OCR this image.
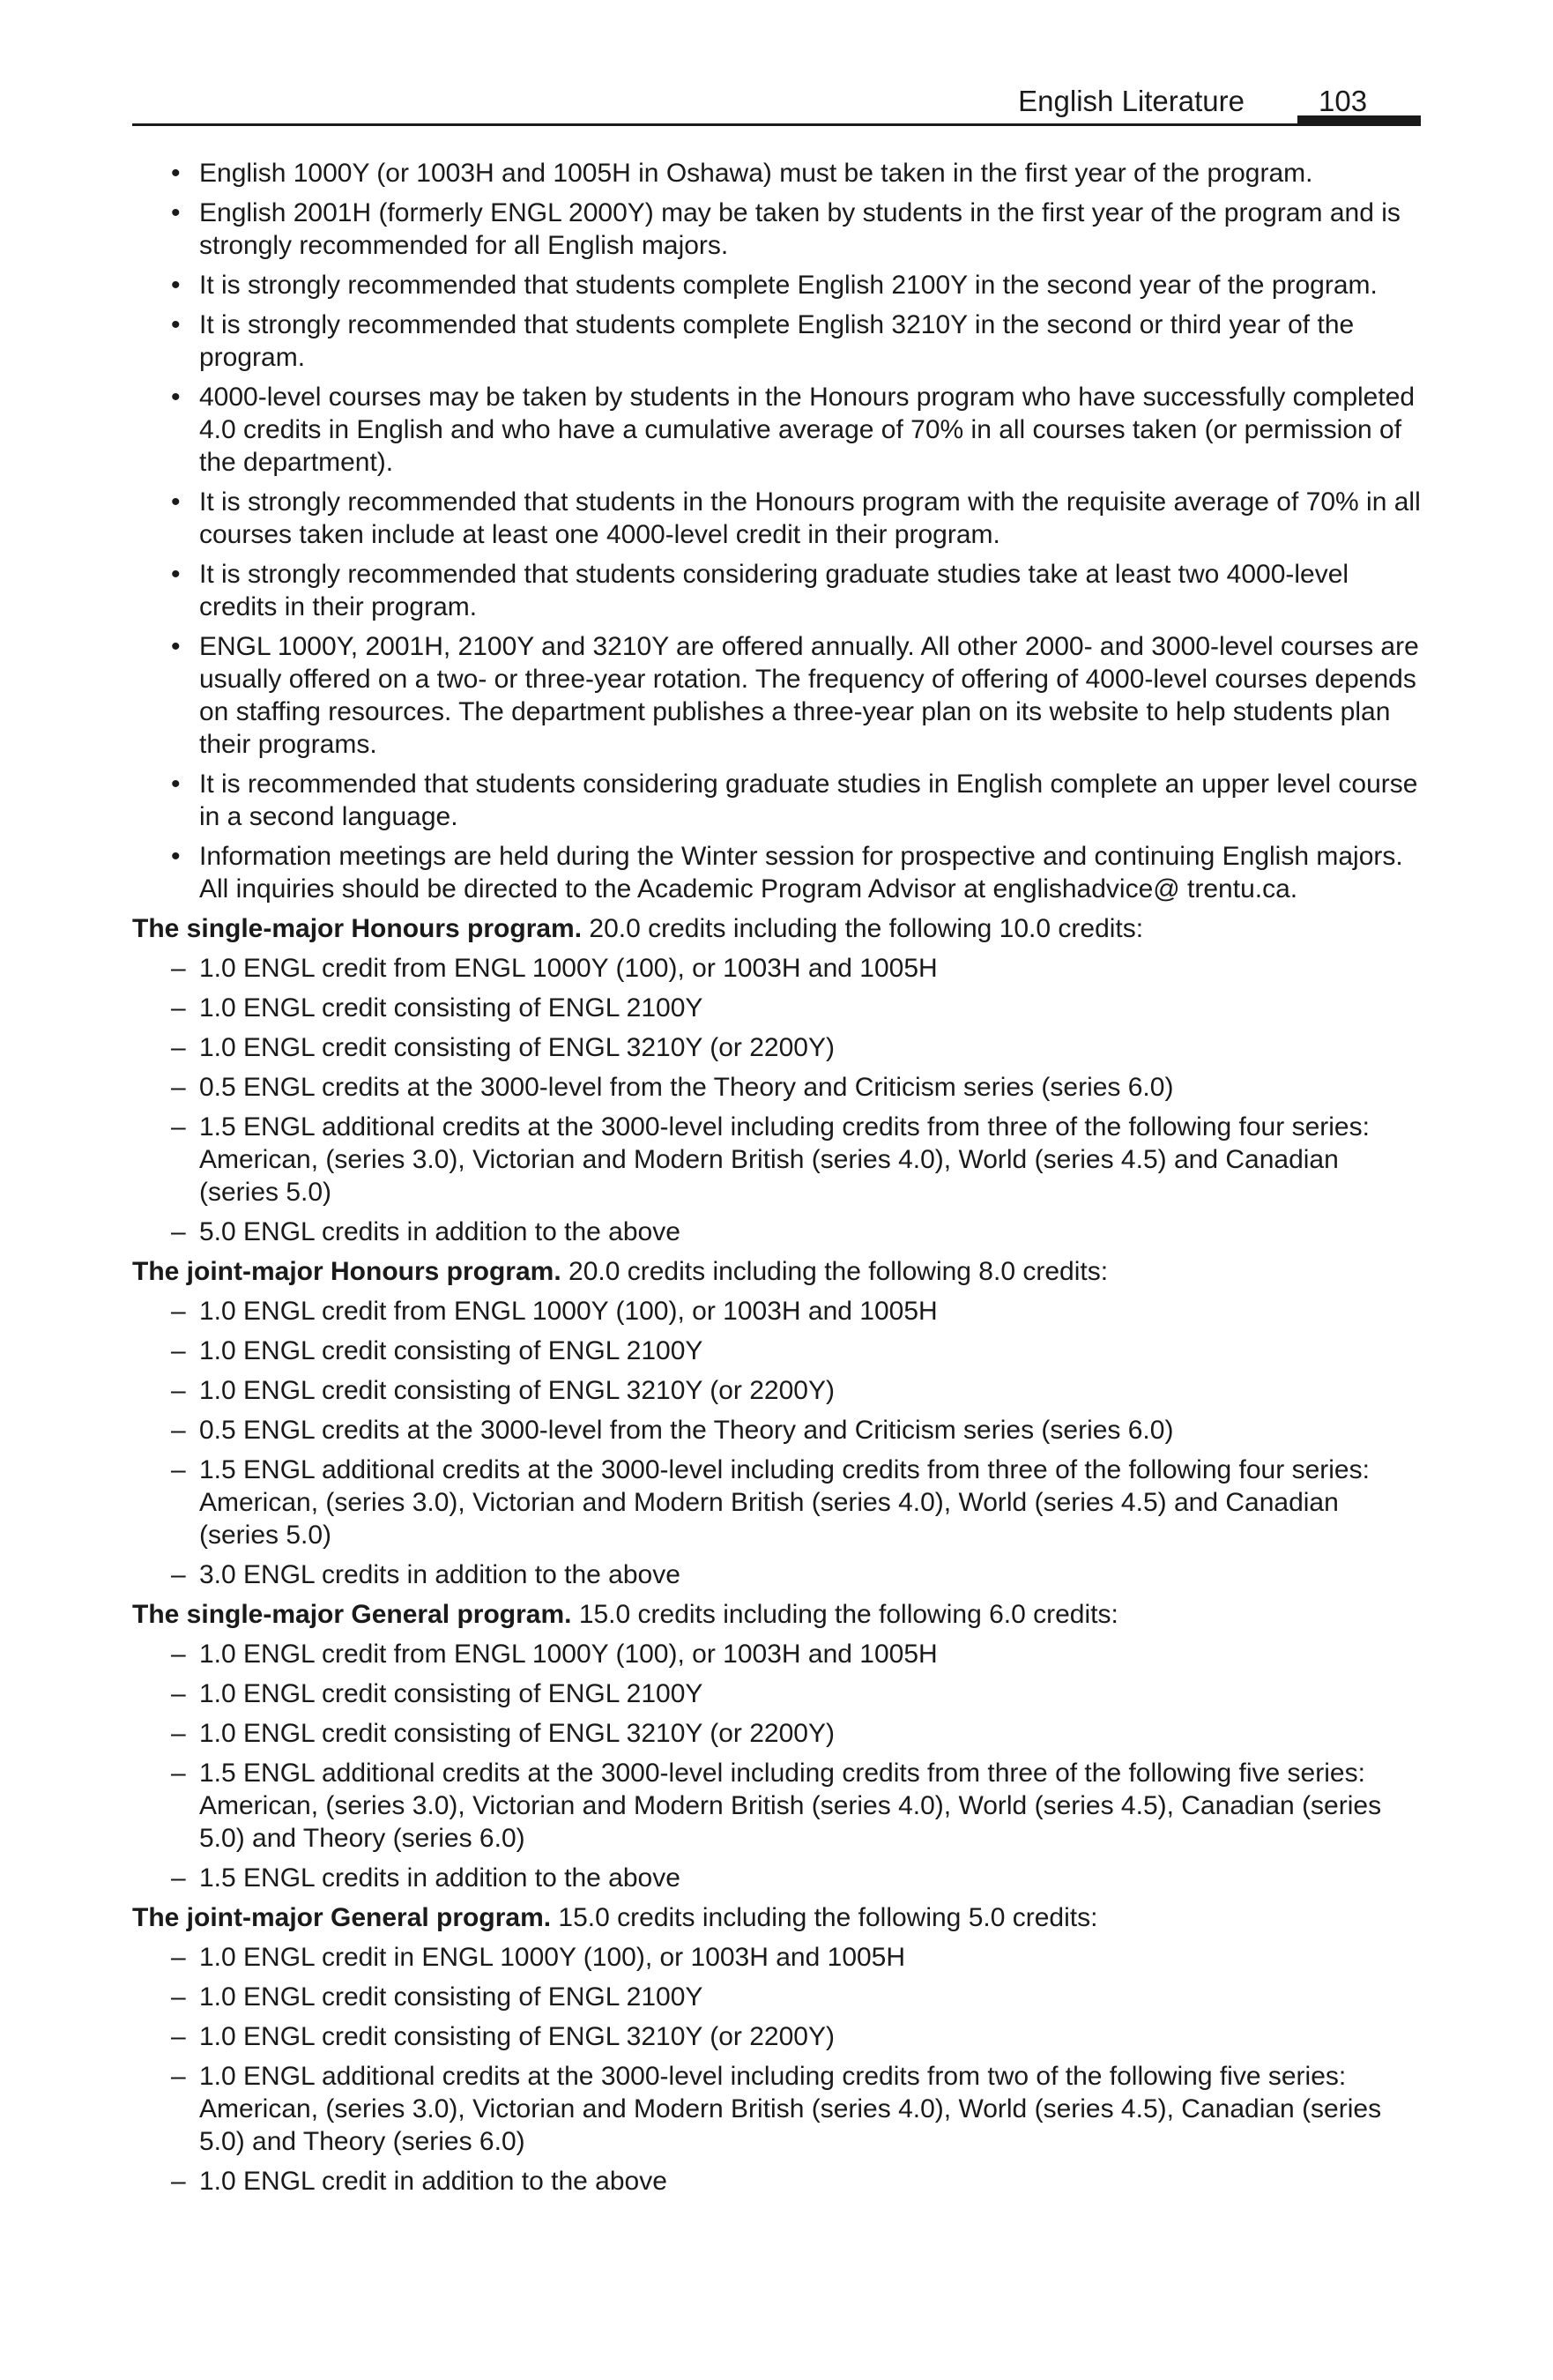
English Literature	103
• English 1000Y (or 1003H and 1005H in Oshawa) must be taken in the first year of the program.
• English 2001H (formerly ENGL 2000Y) may be taken by students in the first year of the program and is strongly recommended for all English majors.
• It is strongly recommended that students complete English 2100Y in the second year of the program.
• It is strongly recommended that students complete English 3210Y in the second or third year of the program.
• 4000-level courses may be taken by students in the Honours program who have successfully completed 4.0 credits in English and who have a cumulative average of 70% in all courses taken (or permission of the department).
• It is strongly recommended that students in the Honours program with the requisite average of 70% in all courses taken include at least one 4000-level credit in their program.
• It is strongly recommended that students considering graduate studies take at least two 4000-level credits in their program.
• ENGL 1000Y, 2001H, 2100Y and 3210Y are offered annually. All other 2000- and 3000-level courses are usually offered on a two- or three-year rotation. The frequency of offering of 4000-level courses depends on staffing resources. The department publishes a three-year plan on its website to help students plan their programs.
• It is recommended that students considering graduate studies in English complete an upper level course in a second language.
• Information meetings are held during the Winter session for prospective and continuing English majors. All inquiries should be directed to the Academic Program Advisor at englishadvice@ trentu.ca.
The single-major Honours program. 20.0 credits including the following 10.0 credits:
– 1.0 ENGL credit from ENGL 1000Y (100), or 1003H and 1005H
– 1.0 ENGL credit consisting of ENGL 2100Y
– 1.0 ENGL credit consisting of ENGL 3210Y (or 2200Y)
– 0.5 ENGL credits at the 3000-level from the Theory and Criticism series (series 6.0)
– 1.5 ENGL additional credits at the 3000-level including credits from three of the following four series: American, (series 3.0), Victorian and Modern British (series 4.0), World (series 4.5) and Canadian (series 5.0)
– 5.0 ENGL credits in addition to the above
The joint-major Honours program. 20.0 credits including the following 8.0 credits:
– 1.0 ENGL credit from ENGL 1000Y (100), or 1003H and 1005H
– 1.0 ENGL credit consisting of ENGL 2100Y
– 1.0 ENGL credit consisting of ENGL 3210Y (or 2200Y)
– 0.5 ENGL credits at the 3000-level from the Theory and Criticism series (series 6.0)
– 1.5 ENGL additional credits at the 3000-level including credits from three of the following four series: American, (series 3.0), Victorian and Modern British (series 4.0), World (series 4.5) and Canadian (series 5.0)
– 3.0 ENGL credits in addition to the above
The single-major General program. 15.0 credits including the following 6.0 credits:
– 1.0 ENGL credit from ENGL 1000Y (100), or 1003H and 1005H
– 1.0 ENGL credit consisting of ENGL 2100Y
– 1.0 ENGL credit consisting of ENGL 3210Y (or 2200Y)
– 1.5 ENGL additional credits at the 3000-level including credits from three of the following five series: American, (series 3.0), Victorian and Modern British (series 4.0), World (series 4.5), Canadian (series 5.0) and Theory (series 6.0)
– 1.5 ENGL credits in addition to the above
The joint-major General program. 15.0 credits including the following 5.0 credits:
– 1.0 ENGL credit in ENGL 1000Y (100), or 1003H and 1005H
– 1.0 ENGL credit consisting of ENGL 2100Y
– 1.0 ENGL credit consisting of ENGL 3210Y (or 2200Y)
– 1.0 ENGL additional credits at the 3000-level including credits from two of the following five series: American, (series 3.0), Victorian and Modern British (series 4.0), World (series 4.5), Canadian (series 5.0) and Theory (series 6.0)
– 1.0 ENGL credit in addition to the above
